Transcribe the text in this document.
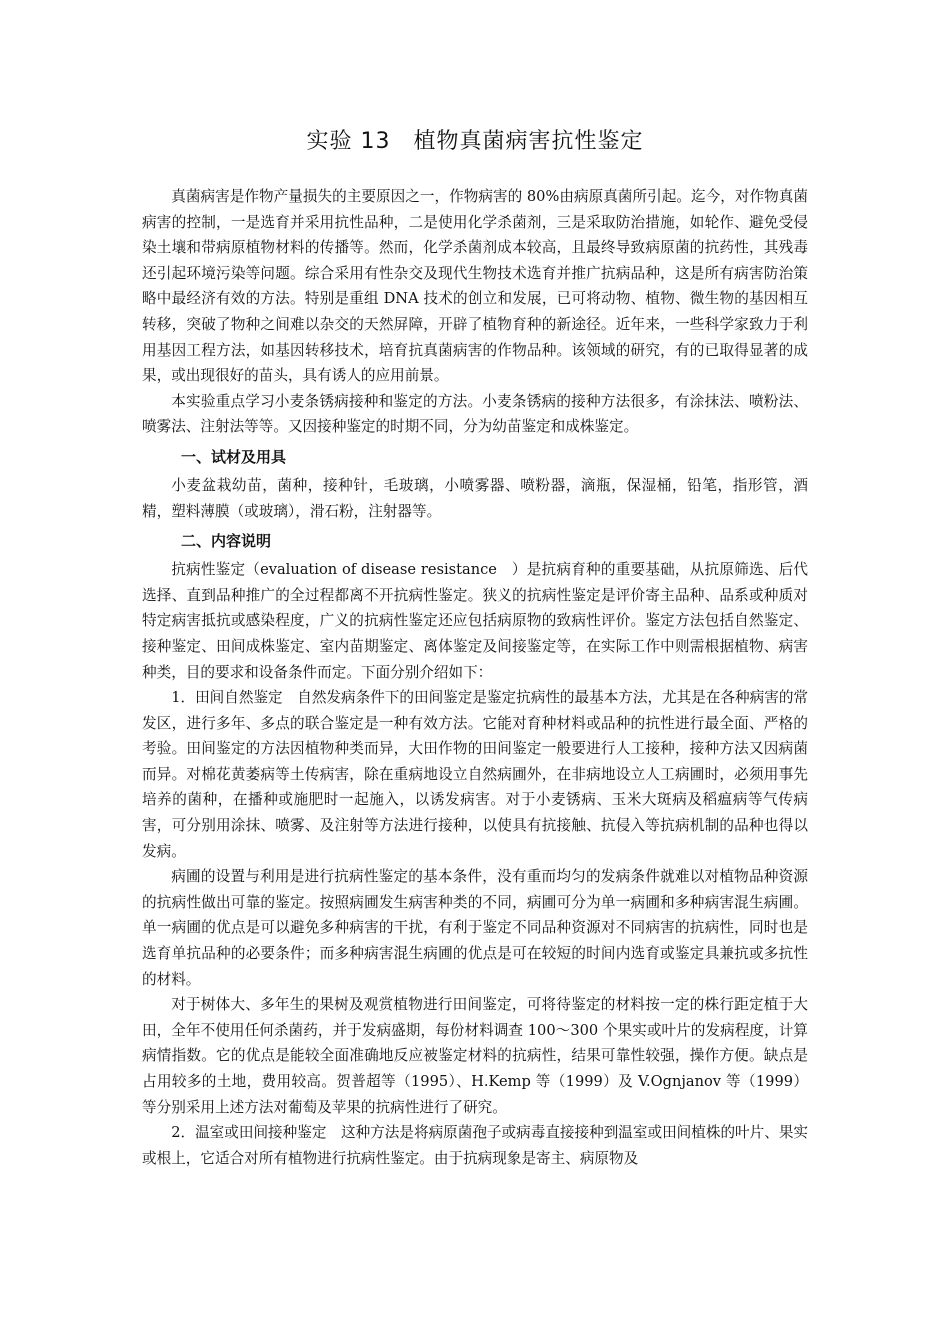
实验 13　植物真菌病害抗性鉴定

真菌病害是作物产量损失的主要原因之一，作物病害的 80%由病原真菌所引起。迄今，对作物真菌病害的控制，一是选育并采用抗性品种，二是使用化学杀菌剂，三是采取防治措施，如轮作、避免受侵染土壤和带病原植物材料的传播等。然而，化学杀菌剂成本较高，且最终导致病原菌的抗药性，其残毒还引起环境污染等问题。综合采用有性杂交及现代生物技术选育并推广抗病品种，这是所有病害防治策略中最经济有效的方法。特别是重组 DNA 技术的创立和发展，已可将动物、植物、微生物的基因相互转移，突破了物种之间难以杂交的天然屏障，开辟了植物育种的新途径。近年来，一些科学家致力于利用基因工程方法，如基因转移技术，培育抗真菌病害的作物品种。该领域的研究，有的已取得显著的成果，或出现很好的苗头，具有诱人的应用前景。

本实验重点学习小麦条锈病接种和鉴定的方法。小麦条锈病的接种方法很多，有涂抹法、喷粉法、喷雾法、注射法等等。又因接种鉴定的时期不同，分为幼苗鉴定和成株鉴定。

一、试材及用具

小麦盆栽幼苗，菌种，接种针，毛玻璃，小喷雾器、喷粉器，滴瓶，保湿桶，铅笔，指形管，酒精，塑料薄膜（或玻璃），滑石粉，注射器等。

二、内容说明

抗病性鉴定（evaluation of disease resistance　）是抗病育种的重要基础，从抗原筛选、后代选择、直到品种推广的全过程都离不开抗病性鉴定。狭义的抗病性鉴定是评价寄主品种、品系或种质对特定病害抵抗或感染程度，广义的抗病性鉴定还应包括病原物的致病性评价。鉴定方法包括自然鉴定、接种鉴定、田间成株鉴定、室内苗期鉴定、离体鉴定及间接鉴定等，在实际工作中则需根据植物、病害种类，目的要求和设备条件而定。下面分别介绍如下：

1．田间自然鉴定　自然发病条件下的田间鉴定是鉴定抗病性的最基本方法，尤其是在各种病害的常发区，进行多年、多点的联合鉴定是一种有效方法。它能对育种材料或品种的抗性进行最全面、严格的考验。田间鉴定的方法因植物种类而异，大田作物的田间鉴定一般要进行人工接种，接种方法又因病菌而异。对棉花黄萎病等土传病害，除在重病地设立自然病圃外，在非病地设立人工病圃时，必须用事先培养的菌种，在播种或施肥时一起施入，以诱发病害。对于小麦锈病、玉米大斑病及稻瘟病等气传病害，可分别用涂抹、喷雾、及注射等方法进行接种，以使具有抗接触、抗侵入等抗病机制的品种也得以发病。

病圃的设置与利用是进行抗病性鉴定的基本条件，没有重而均匀的发病条件就难以对植物品种资源的抗病性做出可靠的鉴定。按照病圃发生病害种类的不同，病圃可分为单一病圃和多种病害混生病圃。单一病圃的优点是可以避免多种病害的干扰，有利于鉴定不同品种资源对不同病害的抗病性，同时也是选育单抗品种的必要条件；而多种病害混生病圃的优点是可在较短的时间内选育或鉴定具兼抗或多抗性的材料。

对于树体大、多年生的果树及观赏植物进行田间鉴定，可将待鉴定的材料按一定的株行距定植于大田，全年不使用任何杀菌药，并于发病盛期，每份材料调查 100～300 个果实或叶片的发病程度，计算病情指数。它的优点是能较全面准确地反应被鉴定材料的抗病性，结果可靠性较强，操作方便。缺点是占用较多的土地，费用较高。贺普超等（1995）、H.Kemp 等（1999）及 V.Ognjanov 等（1999）等分别采用上述方法对葡萄及苹果的抗病性进行了研究。

2．温室或田间接种鉴定　这种方法是将病原菌孢子或病毒直接接种到温室或田间植株的叶片、果实或根上，它适合对所有植物进行抗病性鉴定。由于抗病现象是寄主、病原物及
